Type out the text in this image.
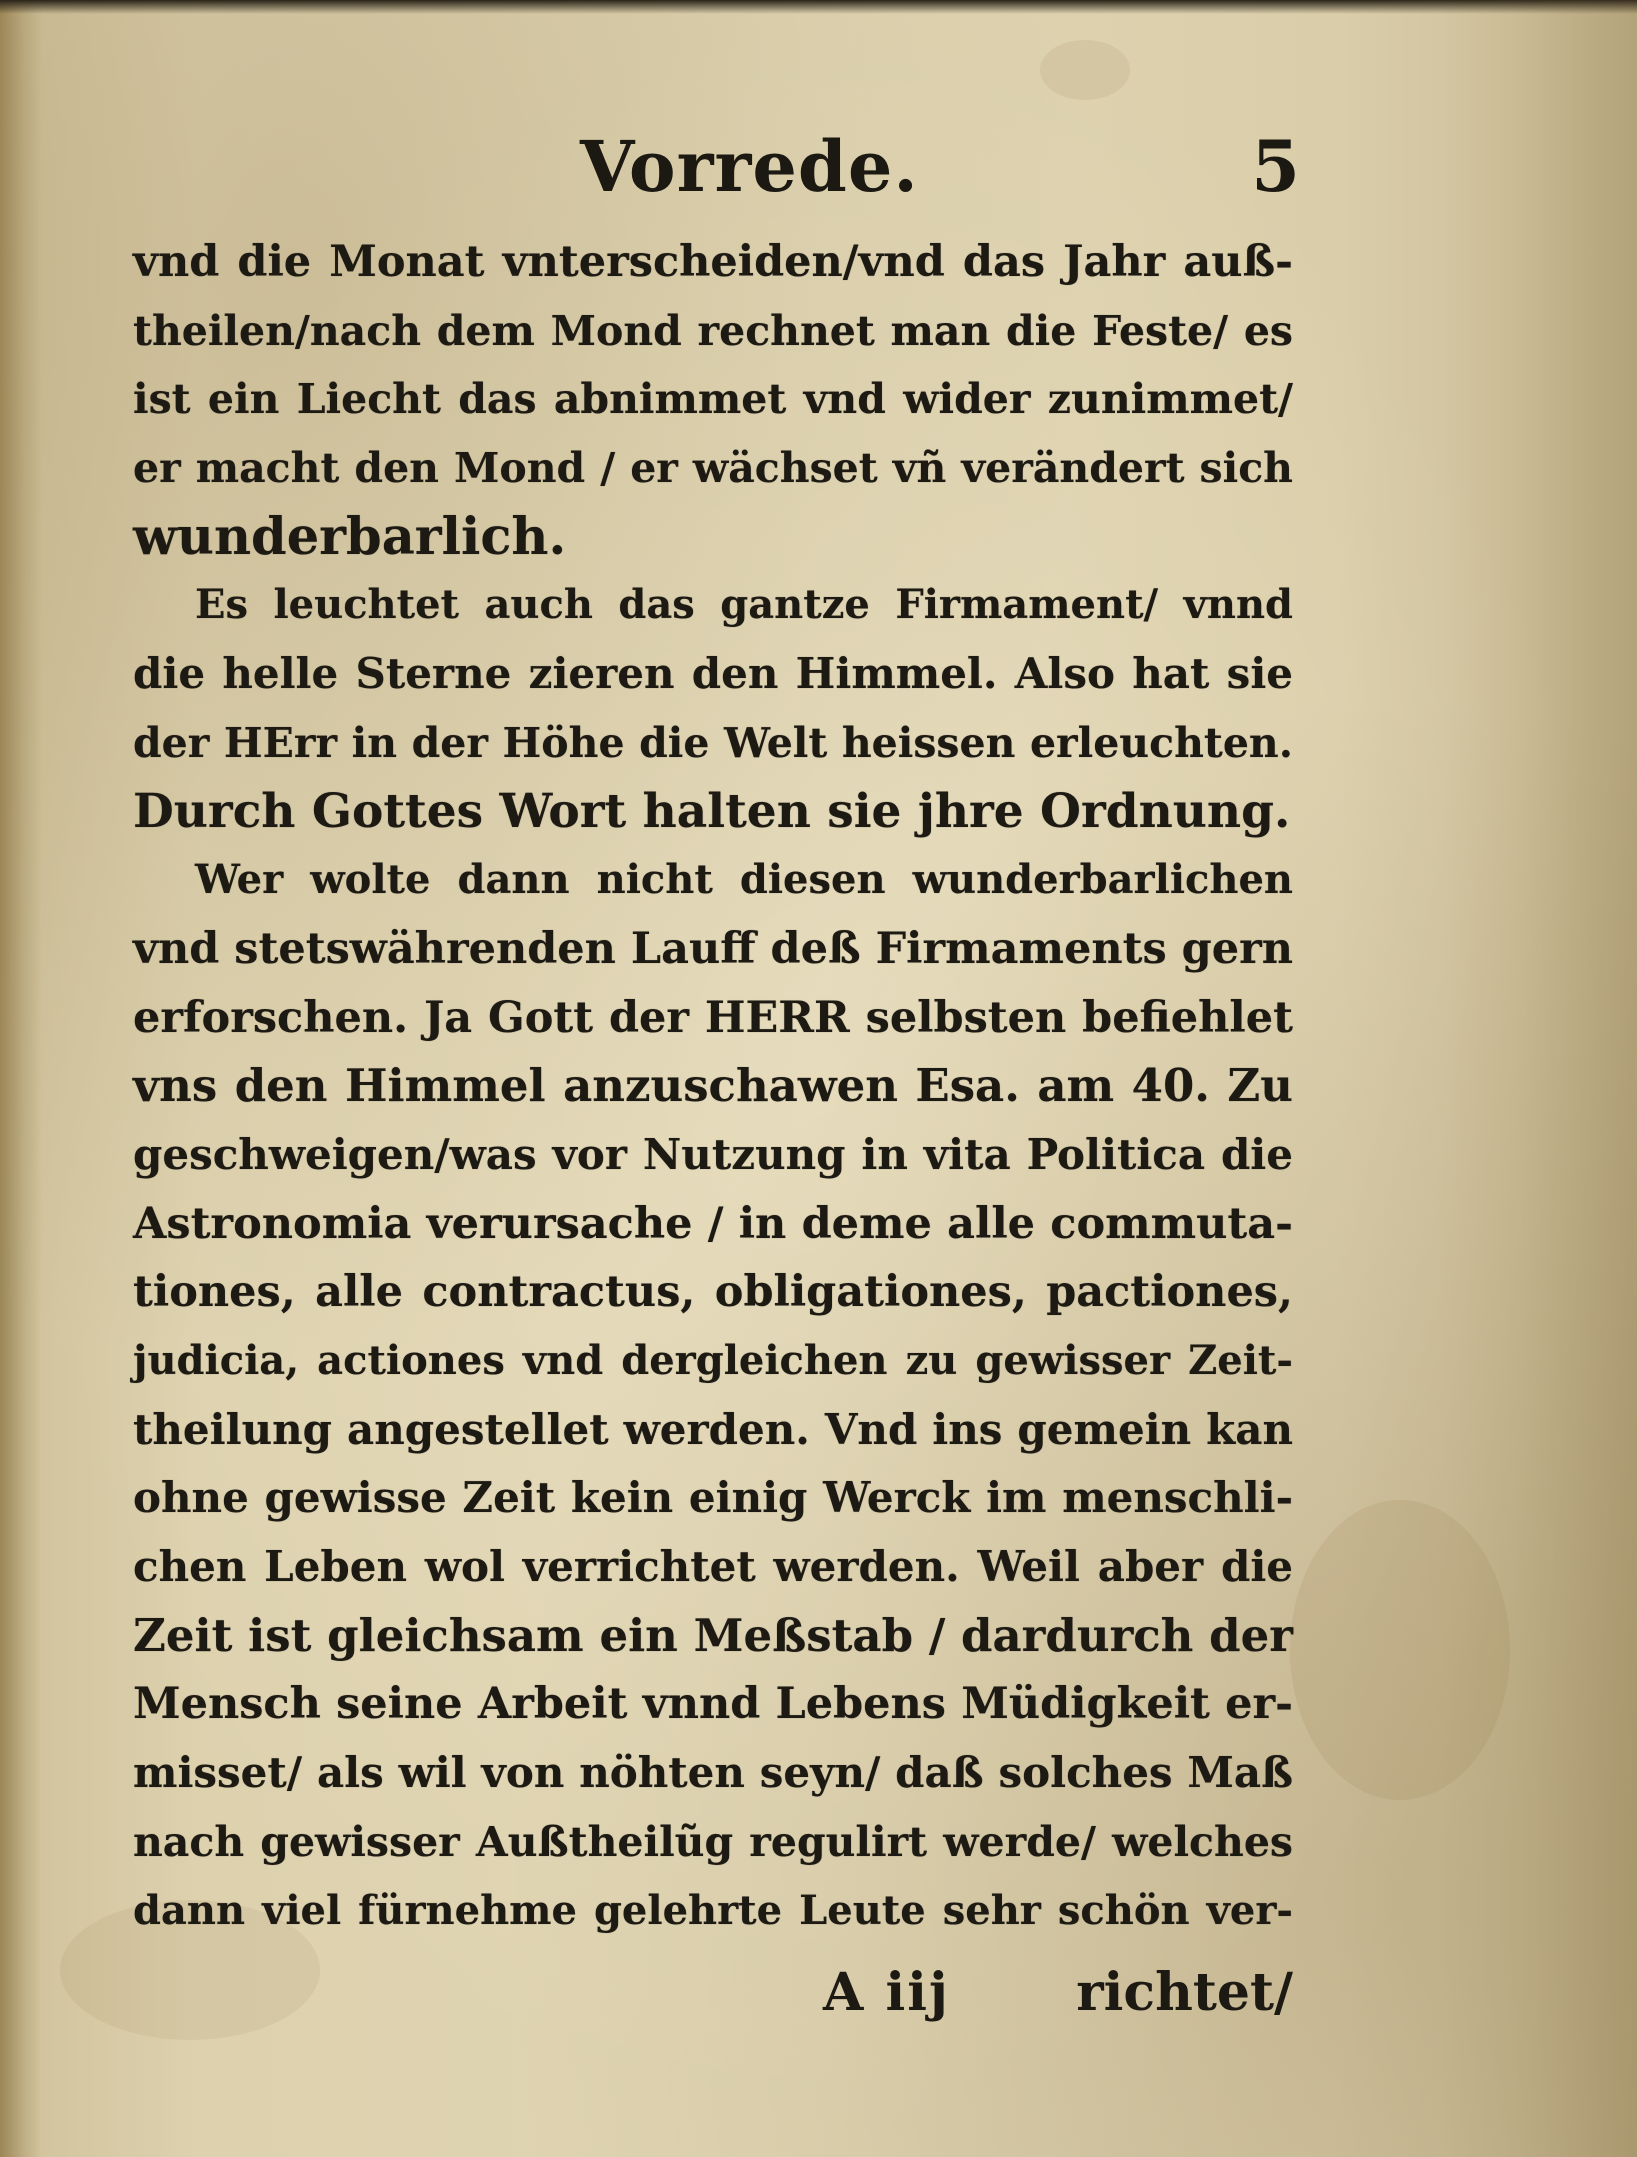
Vorrede.	5
vnd die Monat vnterscheiden/vnd das Jahr auß-
theilen/nach dem Mond rechnet man die Feste/ es
ist ein Liecht das abnimmet vnd wider zunimmet/
er macht den Mond / er wächset vñ verändert sich
wunderbarlich.
Es leuchtet auch das gantze Firmament/ vnnd
die helle Sterne zieren den Himmel. Also hat sie
der HErr in der Höhe die Welt heissen erleuchten.
Durch Gottes Wort halten sie jhre Ordnung.
Wer wolte dann nicht diesen wunderbarlichen
vnd stetswährenden Lauff deß Firmaments gern
erforschen. Ja Gott der HERR selbsten befiehlet
vns den Himmel anzuschawen Esa. am 40. Zu
geschweigen/was vor Nutzung in vita Politica die
Astronomia verursache / in deme alle commuta-
tiones, alle contractus, obligationes, pactiones,
judicia, actiones vnd dergleichen zu gewisser Zeit-
theilung angestellet werden. Vnd ins gemein kan
ohne gewisse Zeit kein einig Werck im menschli-
chen Leben wol verrichtet werden. Weil aber die
Zeit ist gleichsam ein Meßstab / dardurch der
Mensch seine Arbeit vnnd Lebens Müdigkeit er-
misset/ als wil von nöhten seyn/ daß solches Maß
nach gewisser Außtheilũg regulirt werde/ welches
dann viel fürnehme gelehrte Leute sehr schön ver-
A iij richtet/
